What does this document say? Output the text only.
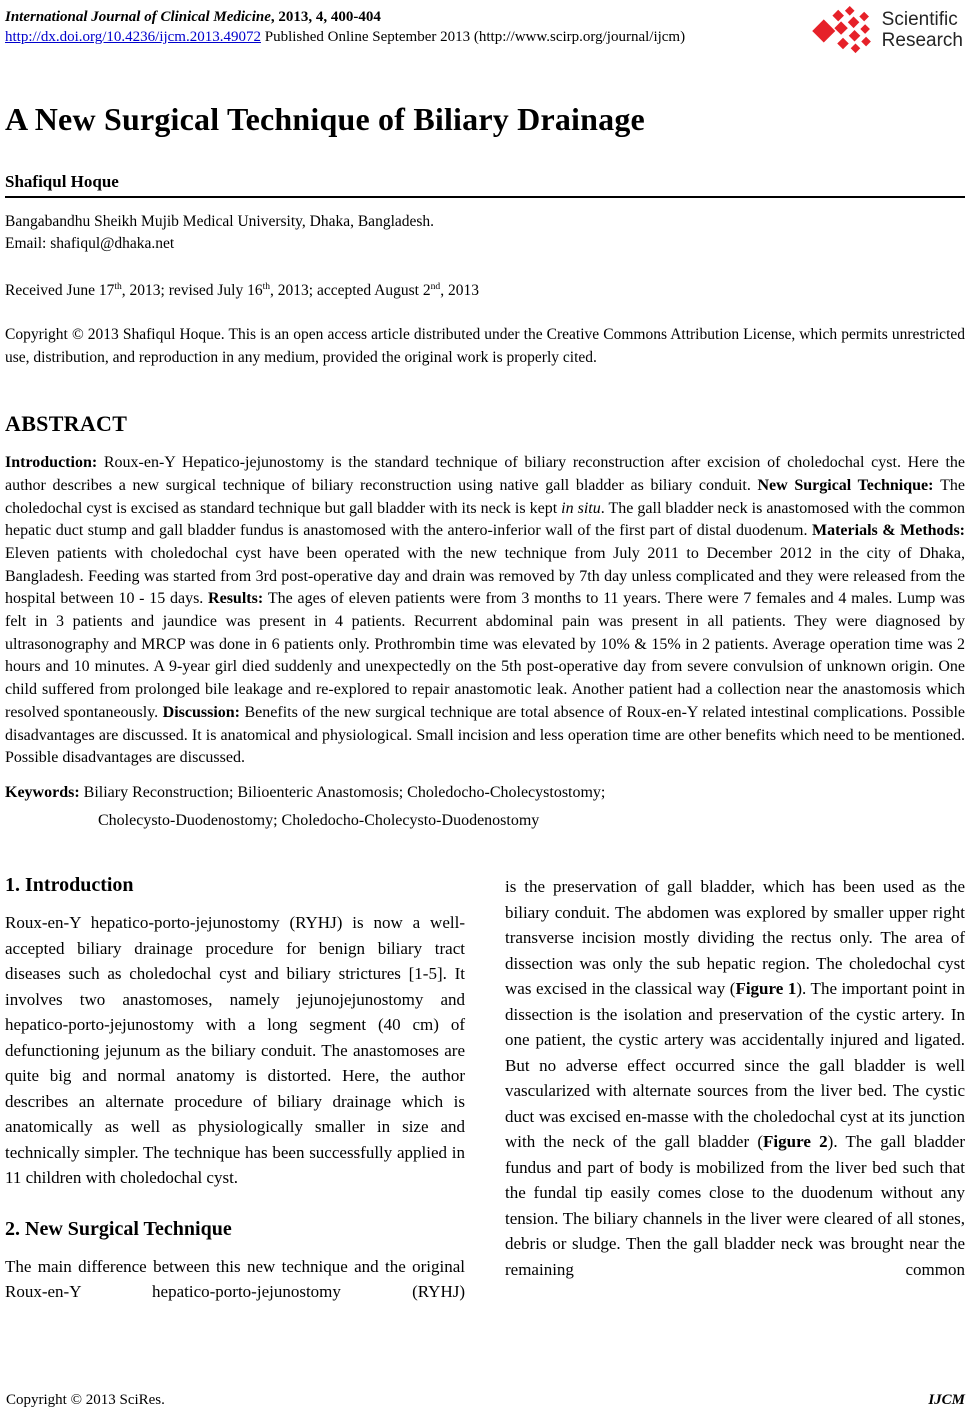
International Journal of Clinical Medicine, 2013, 4, 400-404
http://dx.doi.org/10.4236/ijcm.2013.49072 Published Online September 2013 (http://www.scirp.org/journal/ijcm)
Scientific
Research
A New Surgical Technique of Biliary Drainage
Shafiqul Hoque
Bangabandhu Sheikh Mujib Medical University, Dhaka, Bangladesh.
Email: shafiqul@dhaka.net
Received June 17th, 2013; revised July 16th, 2013; accepted August 2nd, 2013
Copyright © 2013 Shafiqul Hoque. This is an open access article distributed under the Creative Commons Attribution License, which permits unrestricted use, distribution, and reproduction in any medium, provided the original work is properly cited.
ABSTRACT

Introduction: Roux-en-Y Hepatico-jejunostomy is the standard technique of biliary reconstruction after excision of choledochal cyst. Here the author describes a new surgical technique of biliary reconstruction using native gall bladder as biliary conduit. New Surgical Technique: The choledochal cyst is excised as standard technique but gall bladder with its neck is kept in situ. The gall bladder neck is anastomosed with the common hepatic duct stump and gall bladder fundus is anastomosed with the antero-inferior wall of the first part of distal duodenum. Materials & Methods: Eleven patients with choledochal cyst have been operated with the new technique from July 2011 to December 2012 in the city of Dhaka, Bangladesh. Feeding was started from 3rd post-operative day and drain was removed by 7th day unless complicated and they were released from the hospital between 10 - 15 days. Results: The ages of eleven patients were from 3 months to 11 years. There were 7 females and 4 males. Lump was felt in 3 patients and jaundice was present in 4 patients. Recurrent abdominal pain was present in all patients. They were diagnosed by ultrasonography and MRCP was done in 6 patients only. Prothrombin time was elevated by 10% & 15% in 2 patients. Average operation time was 2 hours and 10 minutes. A 9-year girl died suddenly and unexpectedly on the 5th post-operative day from severe convulsion of unknown origin. One child suffered from prolonged bile leakage and re-explored to repair anastomotic leak. Another patient had a collection near the anastomosis which resolved spontaneously. Discussion: Benefits of the new surgical technique are total absence of Roux-en-Y related intestinal complications. Possible disadvantages are discussed. It is anatomical and physiological. Small incision and less operation time are other benefits which need to be mentioned. Possible disadvantages are discussed.

Keywords: Biliary Reconstruction; Bilioenteric Anastomosis; Choledocho-Cholecystostomy;
Cholecysto-Duodenostomy; Choledocho-Cholecysto-Duodenostomy
1. Introduction

Roux-en-Y hepatico-porto-jejunostomy (RYHJ) is now a well-accepted biliary drainage procedure for benign biliary tract diseases such as choledochal cyst and biliary strictures [1-5]. It involves two anastomoses, namely jejunojejunostomy and hepatico-porto-jejunostomy with a long segment (40 cm) of defunctioning jejunum as the biliary conduit. The anastomoses are quite big and normal anatomy is distorted. Here, the author describes an alternate procedure of biliary drainage which is anatomically as well as physiologically smaller in size and technically simpler. The technique has been successfully applied in 11 children with choledochal cyst.

2. New Surgical Technique

The main difference between this new technique and the original Roux-en-Y hepatico-porto-jejunostomy (RYHJ)

is the preservation of gall bladder, which has been used as the biliary conduit. The abdomen was explored by smaller upper right transverse incision mostly dividing the rectus only. The area of dissection was only the sub hepatic region. The choledochal cyst was excised in the classical way (Figure 1). The important point in dissection is the isolation and preservation of the cystic artery. In one patient, the cystic artery was accidentally injured and ligated. But no adverse effect occurred since the gall bladder is well vascularized with alternate sources from the liver bed. The cystic duct was excised en-masse with the choledochal cyst at its junction with the neck of the gall bladder (Figure 2). The gall bladder fundus and part of body is mobilized from the liver bed such that the fundal tip easily comes close to the duodenum without any tension. The biliary channels in the liver were cleared of all stones, debris or sludge. Then the gall bladder neck was brought near the remaining common

Copyright © 2013 SciRes.	IJCM
